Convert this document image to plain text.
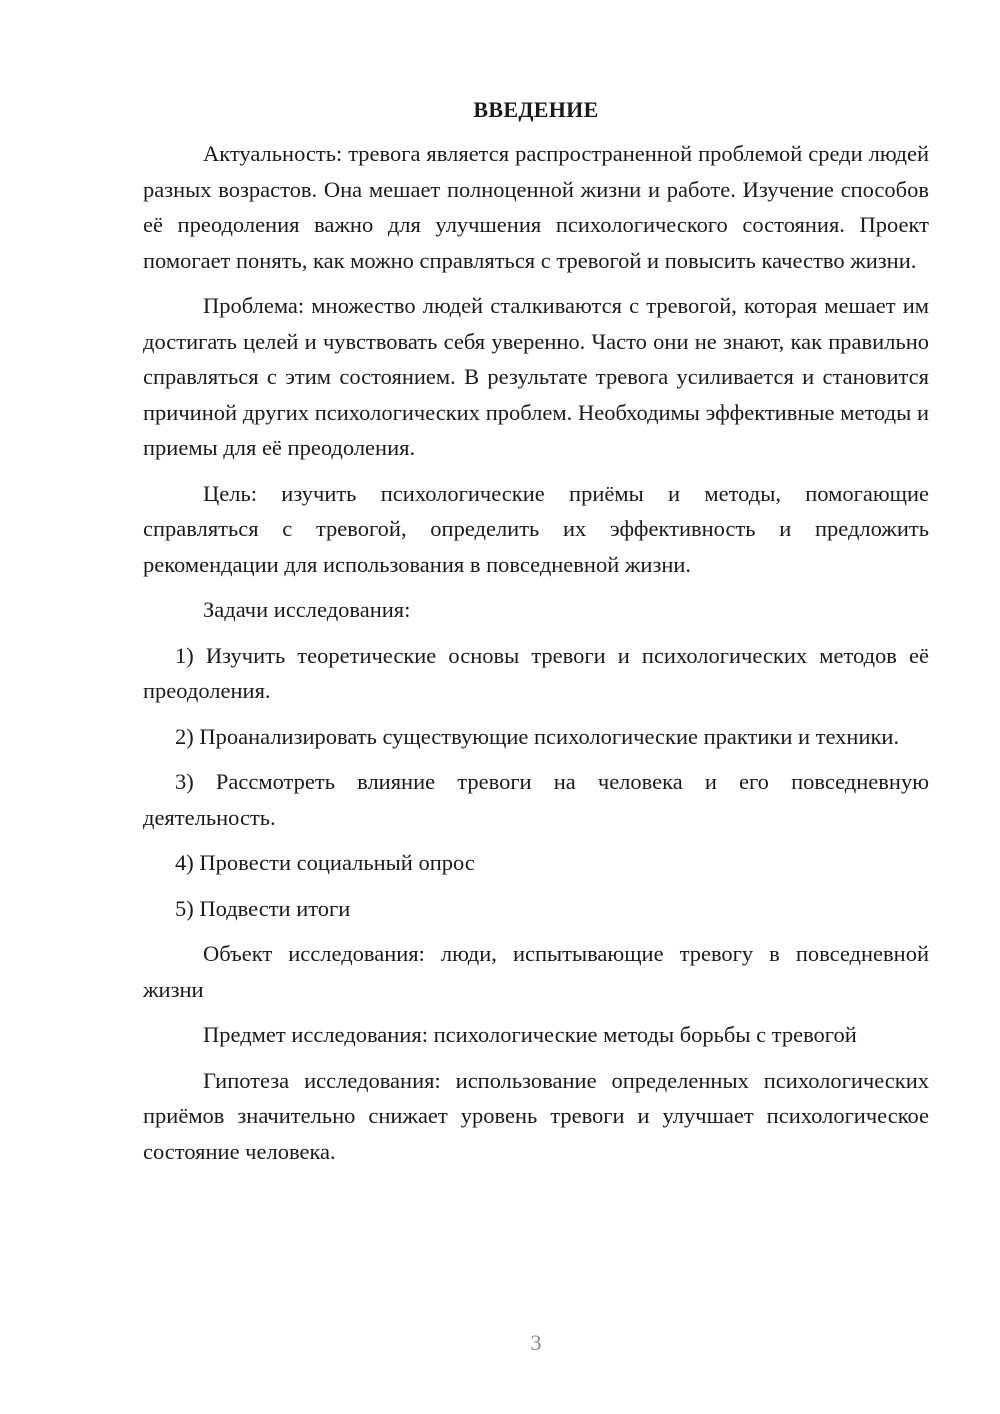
ВВЕДЕНИЕ

Актуальность: тревога является распространенной проблемой среди людей разных возрастов. Она мешает полноценной жизни и работе. Изучение способов её преодоления важно для улучшения психологического состояния. Проект помогает понять, как можно справляться с тревогой и повысить качество жизни.

Проблема: множество людей сталкиваются с тревогой, которая мешает им достигать целей и чувствовать себя уверенно. Часто они не знают, как правильно справляться с этим состоянием. В результате тревога усиливается и становится причиной других психологических проблем. Необходимы эффективные методы и приемы для её преодоления.

Цель: изучить психологические приёмы и методы, помогающие справляться с тревогой, определить их эффективность и предложить рекомендации для использования в повседневной жизни.

Задачи исследования:

1) Изучить теоретические основы тревоги и психологических методов её преодоления.

2) Проанализировать существующие психологические практики и техники.

3) Рассмотреть влияние тревоги на человека и его повседневную деятельность.

4) Провести социальный опрос

5) Подвести итоги

Объект исследования: люди, испытывающие тревогу в повседневной жизни

Предмет исследования: психологические методы борьбы с тревогой

Гипотеза исследования: использование определенных психологических приёмов значительно снижает уровень тревоги и улучшает психологическое состояние человека.

3
